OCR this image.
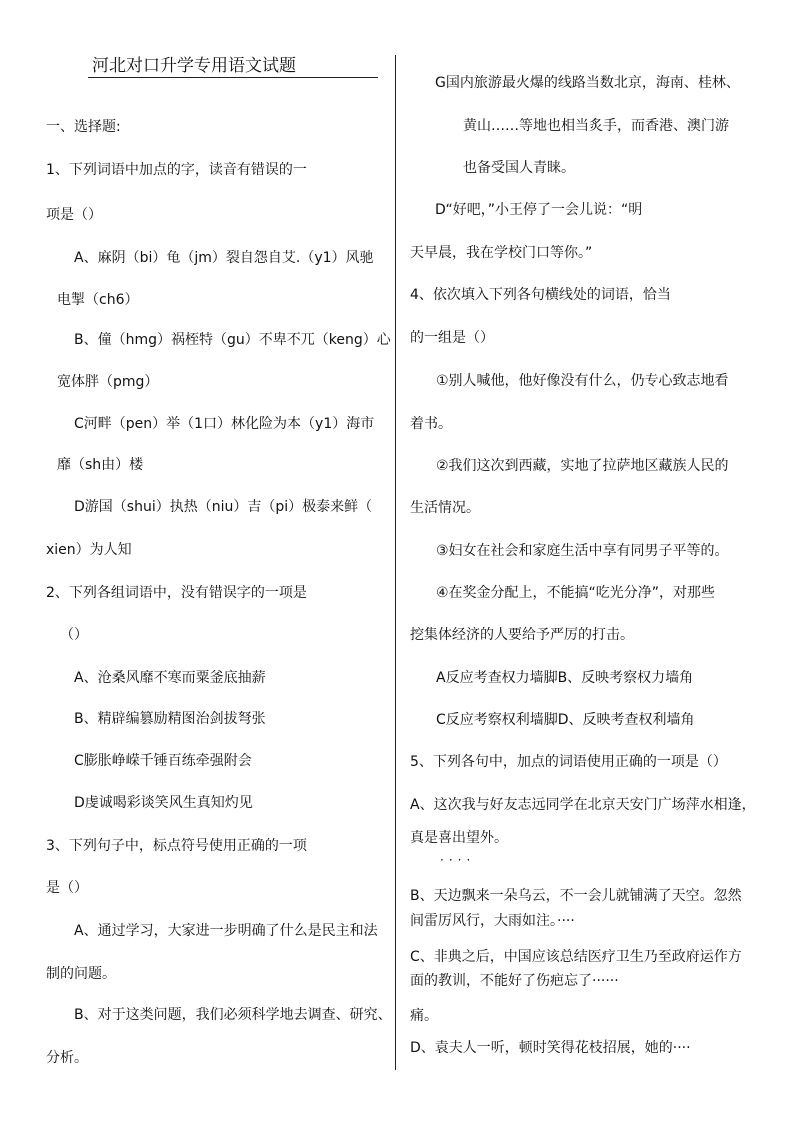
河北对口升学专用语文试题
一、选择题:
1、下列词语中加点的字，读音有错误的一
项是（）
A、麻阴（bi）龟（jm）裂自怨自艾.（y1）风驰
电掣（ch6）
B、僮（hmg）祸桎特（gu）不卑不兀（keng）心
宽体胖（pmg）
C河畔（pen）举（1口）林化险为本（y1）海市
靡（sh由）楼
D游国（shui）执热（niu）吉（pi）极泰来鲜（
xien）为人知
2、下列各组词语中，没有错误字的一项是
（）
A、沧桑风靡不寒而粟釜底抽薪
B、精辟编篡励精图治剑拔弩张
C膨胀峥嵘千锤百练牵强附会
D虔诚喝彩谈笑风生真知灼见
3、下列句子中，标点符号使用正确的一项
是（）
A、通过学习，大家进一步明确了什么是民主和法
制的问题。
B、对于这类问题，我们必须科学地去调查、研究、
分析。
G国内旅游最火爆的线路当数北京，海南、桂林、
黄山……等地也相当炙手，而香港、澳门游
也备受国人青睐。
D“好吧，”小王停了一会儿说：“明
天早晨，我在学校门口等你。”
4、依次填入下列各句横线处的词语，恰当
的一组是（）
①别人喊他，他好像没有什么，仍专心致志地看
着书。
②我们这次到西藏，实地了拉萨地区藏族人民的
生活情况。
③妇女在社会和家庭生活中享有同男子平等的。
④在奖金分配上，不能搞“吃光分净”，对那些
挖集体经济的人要给予严厉的打击。
A反应考查权力墙脚B、反映考察权力墙角
C反应考察权利墙脚D、反映考查权利墙角
5、下列各句中，加点的词语使用正确的一项是（）
A、这次我与好友志远同学在北京天安门广场萍水相逢，
真是喜出望外。
····
B、天边飘来一朵乌云，不一会儿就铺满了天空。忽然
间雷厉风行，大雨如注。····
C、非典之后，中国应该总结医疗卫生乃至政府运作方
面的教训，不能好了伤疤忘了······
痛。
D、袁夫人一听，顿时笑得花枝招展，她的····
